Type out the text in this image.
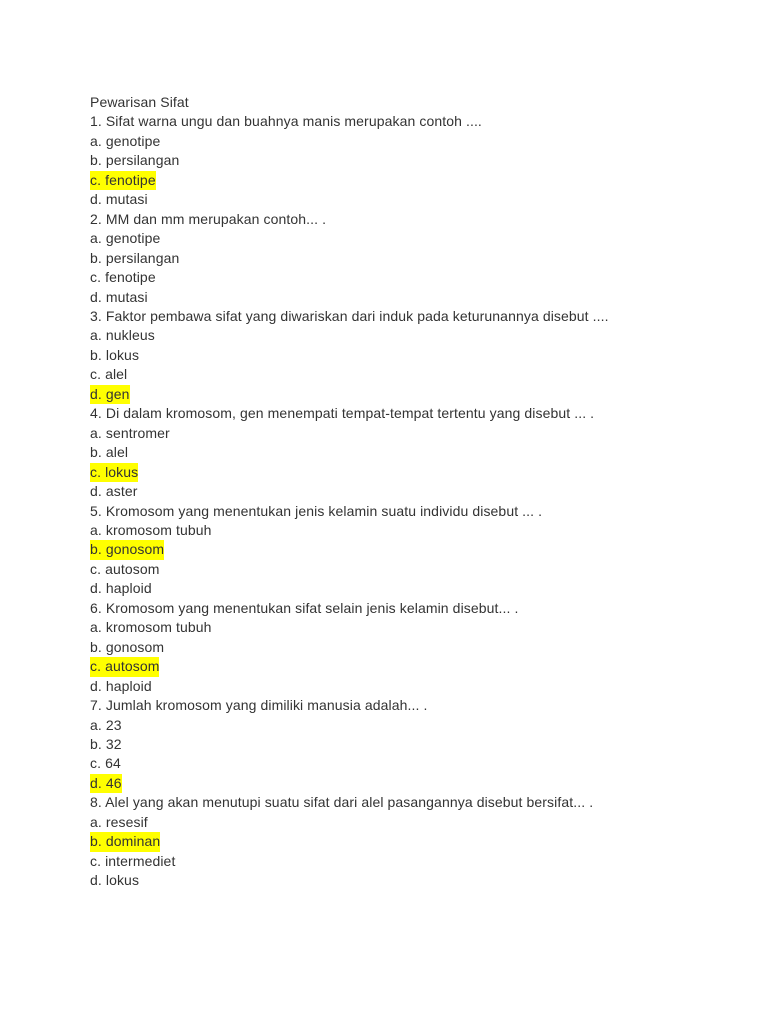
Pewarisan Sifat
1. Sifat warna ungu dan buahnya manis merupakan contoh ....
a. genotipe
b. persilangan
c. fenotipe
d. mutasi
2. MM dan mm merupakan contoh... .
a. genotipe
b. persilangan
c. fenotipe
d. mutasi
3. Faktor pembawa sifat yang diwariskan dari induk pada keturunannya disebut ....
a. nukleus
b. lokus
c. alel
d. gen
4. Di dalam kromosom, gen menempati tempat-tempat tertentu yang disebut ... .
a. sentromer
b. alel
c. lokus
d. aster
5. Kromosom yang menentukan jenis kelamin suatu individu disebut ... .
a. kromosom tubuh
b. gonosom
c. autosom
d. haploid
6. Kromosom yang menentukan sifat selain jenis kelamin disebut... .
a. kromosom tubuh
b. gonosom
c. autosom
d. haploid
7. Jumlah kromosom yang dimiliki manusia adalah... .
a. 23
b. 32
c. 64
d. 46
8. Alel yang akan menutupi suatu sifat dari alel pasangannya disebut bersifat... .
a. resesif
b. dominan
c. intermediet
d. lokus
